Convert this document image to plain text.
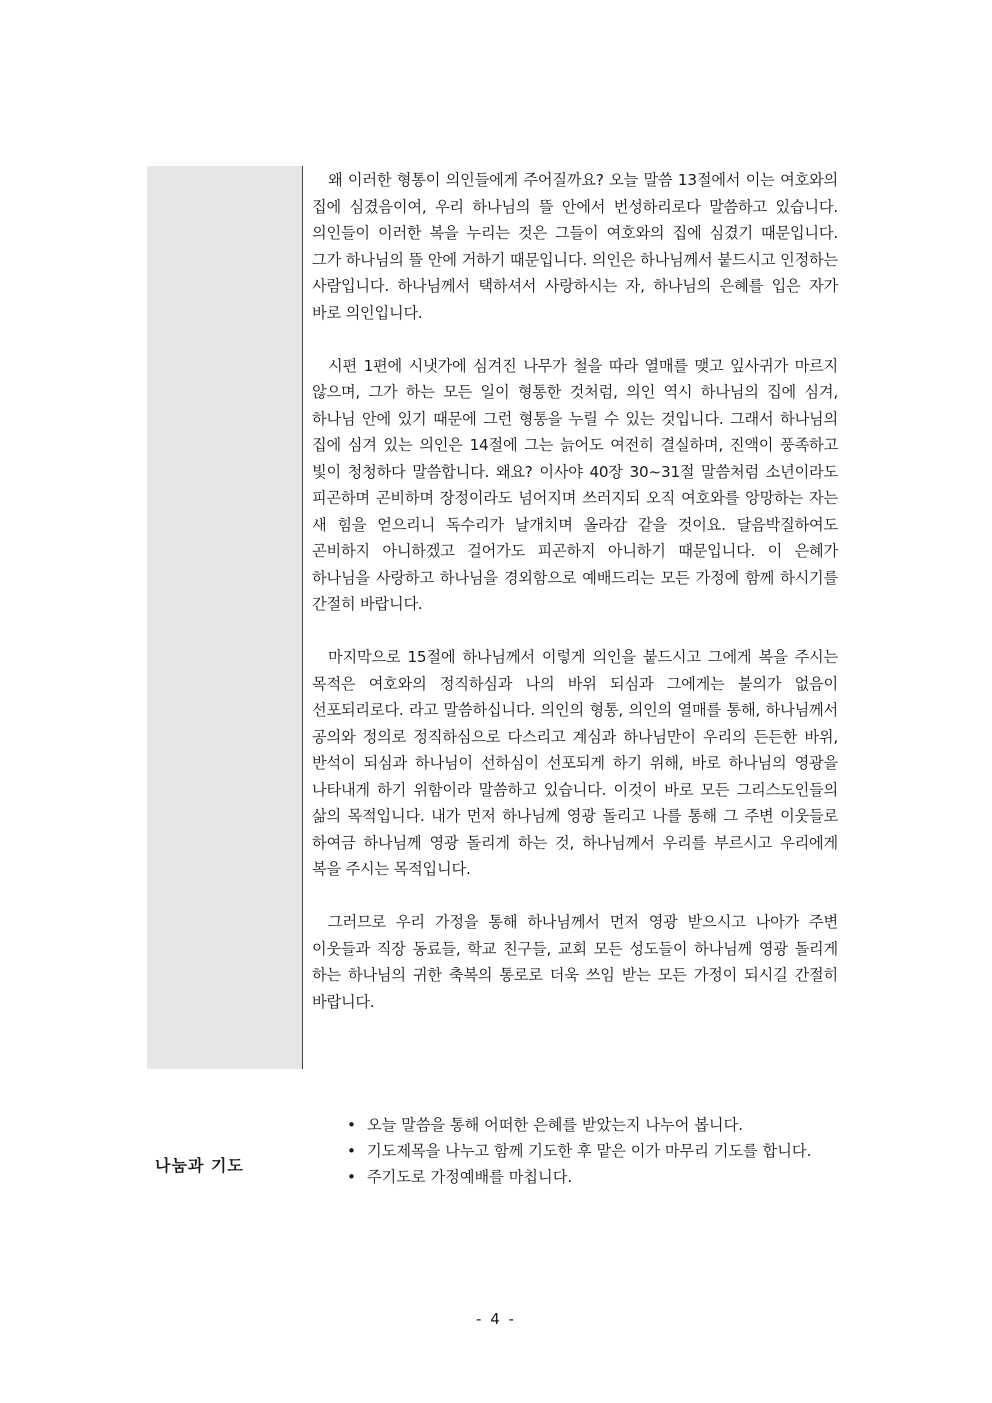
왜 이러한 형통이 의인들에게 주어질까요? 오늘 말씀 13절에서 이는 여호와의 집에 심겼음이여, 우리 하나님의 뜰 안에서 번성하리로다 말씀하고 있습니다. 의인들이 이러한 복을 누리는 것은 그들이 여호와의 집에 심겼기 때문입니다. 그가 하나님의 뜰 안에 거하기 때문입니다. 의인은 하나님께서 붙드시고 인정하는 사람입니다. 하나님께서 택하셔서 사랑하시는 자, 하나님의 은혜를 입은 자가 바로 의인입니다.

시편 1편에 시냇가에 심겨진 나무가 철을 따라 열매를 맺고 잎사귀가 마르지 않으며, 그가 하는 모든 일이 형통한 것처럼, 의인 역시 하나님의 집에 심겨, 하나님 안에 있기 때문에 그런 형통을 누릴 수 있는 것입니다. 그래서 하나님의 집에 심겨 있는 의인은 14절에 그는 늙어도 여전히 결실하며, 진액이 풍족하고 빛이 청청하다 말씀합니다. 왜요? 이사야 40장 30~31절 말씀처럼 소년이라도 피곤하며 곤비하며 장정이라도 넘어지며 쓰러지되 오직 여호와를 앙망하는 자는 새 힘을 얻으리니 독수리가 날개치며 올라감 같을 것이요. 달음박질하여도 곤비하지 아니하겠고 걸어가도 피곤하지 아니하기 때문입니다. 이 은혜가 하나님을 사랑하고 하나님을 경외함으로 예배드리는 모든 가정에 함께 하시기를 간절히 바랍니다.

마지막으로 15절에 하나님께서 이렇게 의인을 붙드시고 그에게 복을 주시는 목적은 여호와의 정직하심과 나의 바위 되심과 그에게는 불의가 없음이 선포되리로다. 라고 말씀하십니다. 의인의 형통, 의인의 열매를 통해, 하나님께서 공의와 정의로 정직하심으로 다스리고 계심과 하나님만이 우리의 든든한 바위, 반석이 되심과 하나님이 선하심이 선포되게 하기 위해, 바로 하나님의 영광을 나타내게 하기 위함이라 말씀하고 있습니다. 이것이 바로 모든 그리스도인들의 삶의 목적입니다. 내가 먼저 하나님께 영광 돌리고 나를 통해 그 주변 이웃들로 하여금 하나님께 영광 돌리게 하는 것, 하나님께서 우리를 부르시고 우리에게 복을 주시는 목적입니다.

그러므로 우리 가정을 통해 하나님께서 먼저 영광 받으시고 나아가 주변 이웃들과 직장 동료들, 학교 친구들, 교회 모든 성도들이 하나님께 영광 돌리게 하는 하나님의 귀한 축복의 통로로 더욱 쓰임 받는 모든 가정이 되시길 간절히 바랍니다.

나눔과 기도
• 오늘 말씀을 통해 어떠한 은혜를 받았는지 나누어 봅니다.
• 기도제목을 나누고 함께 기도한 후 맡은 이가 마무리 기도를 합니다.
• 주기도로 가정예배를 마칩니다.
- 4 -
